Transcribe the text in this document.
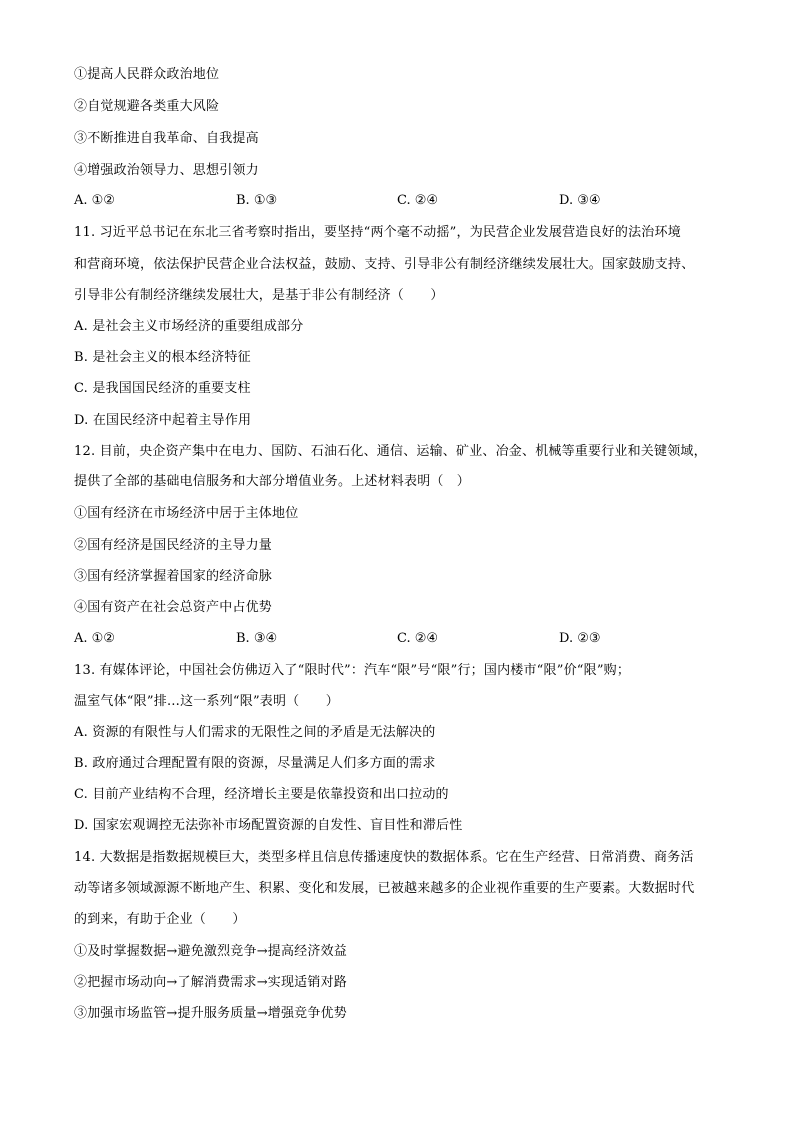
①提高人民群众政治地位
②自觉规避各类重大风险
③不断推进自我革命、自我提高
④增强政治领导力、思想引领力
A. ①②	B. ①③	C. ②④	D. ③④
11. 习近平总书记在东北三省考察时指出，要坚持“两个毫不动摇”，为民营企业发展营造良好的法治环境
和营商环境，依法保护民营企业合法权益，鼓励、支持、引导非公有制经济继续发展壮大。国家鼓励支持、
引导非公有制经济继续发展壮大，是基于非公有制经济（　　）
A. 是社会主义市场经济的重要组成部分
B. 是社会主义的根本经济特征
C. 是我国国民经济的重要支柱
D. 在国民经济中起着主导作用
12. 目前，央企资产集中在电力、国防、石油石化、通信、运输、矿业、冶金、机械等重要行业和关键领域，
提供了全部的基础电信服务和大部分增值业务。上述材料表明（　）
①国有经济在市场经济中居于主体地位
②国有经济是国民经济的主导力量
③国有经济掌握着国家的经济命脉
④国有资产在社会总资产中占优势
A. ①②	B. ③④	C. ②④	D. ②③
13. 有媒体评论，中国社会仿佛迈入了“限时代”：汽车“限”号“限”行；国内楼市“限”价“限”购；
温室气体“限”排…这一系列“限”表明（　　）
A. 资源的有限性与人们需求的无限性之间的矛盾是无法解决的
B. 政府通过合理配置有限的资源，尽量满足人们多方面的需求
C. 目前产业结构不合理，经济增长主要是依靠投资和出口拉动的
D. 国家宏观调控无法弥补市场配置资源的自发性、盲目性和滞后性
14. 大数据是指数据规模巨大，类型多样且信息传播速度快的数据体系。它在生产经营、日常消费、商务活
动等诸多领域源源不断地产生、积累、变化和发展，已被越来越多的企业视作重要的生产要素。大数据时代
的到来，有助于企业（　　）
①及时掌握数据→避免激烈竞争→提高经济效益
②把握市场动向→了解消费需求→实现适销对路
③加强市场监管→提升服务质量→增强竞争优势
